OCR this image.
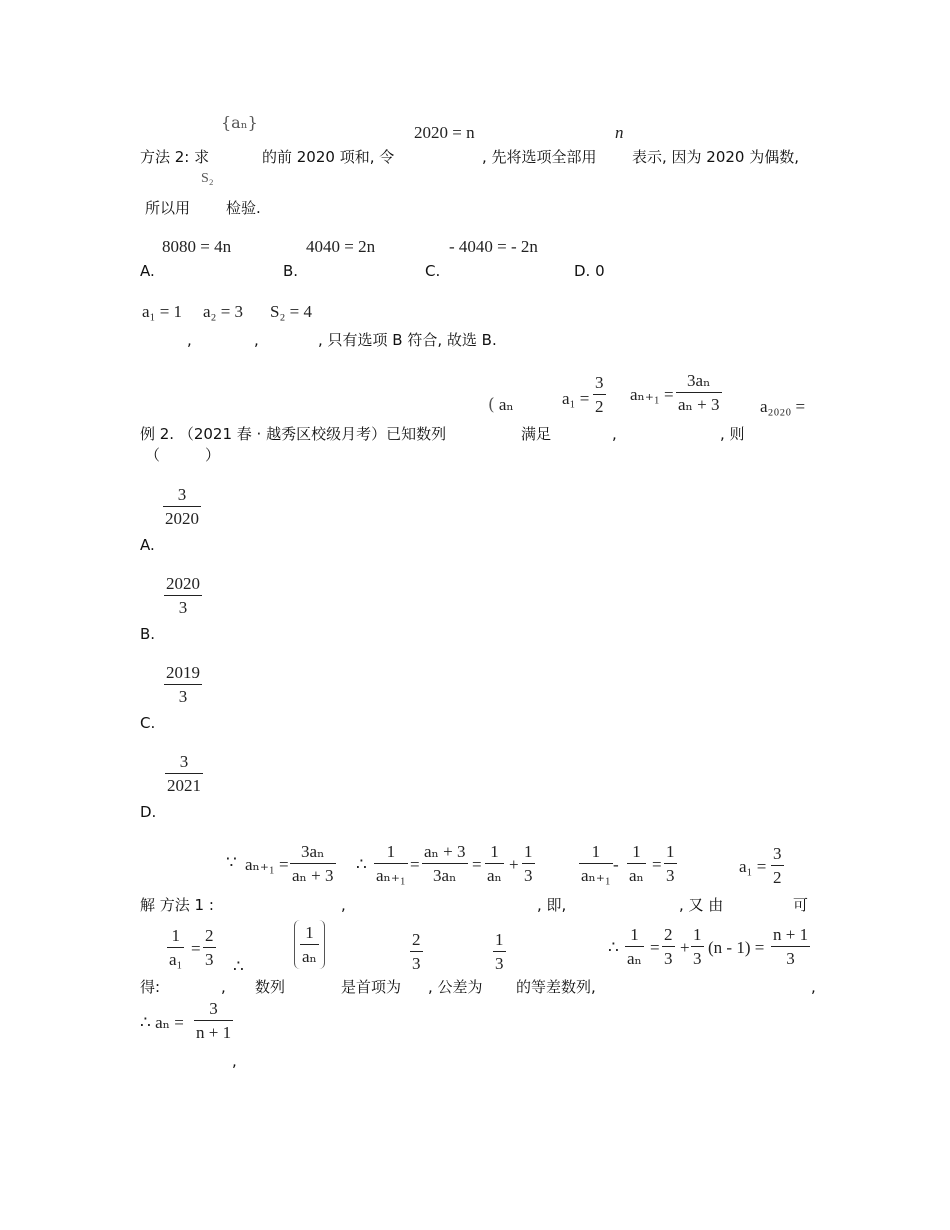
{aₙ}
2020 = n	n
方法 2: 求	的前 2020 项和, 令	, 先将选项全部用 表示, 因为 2020 为偶数,
S₂
所以用 检验.
8080 = 4n	4040 = 2n	- 4040 = - 2n
A.	B.	C.	D. 0
a₁ = 1 a₂ = 3 S₂ = 4
,	,	, 只有选项 B 符合, 故选 B.
( aₙ	$a_1 = \frac{3}{2} a_{n+1} = \frac{\text{3aₙ}}{\text{aₙ + 3}} a_{2020}$ =
例 2. （2021 春 · 越秀区校级月考）已知数列	满足	,	, 则
（　　　）
$\frac{3}{2020}$
A.
$\frac{2020}{3}$
B.
$\frac{2019}{3}$
C.
$\frac{3}{2021}$
D.
∵ $a_{n+1} = \frac{\text{3aₙ}}{\text{aₙ + 3}}$ ∴ $\frac{1}{\text{aₙ₊₁}} = \frac{\text{aₙ + 3}}{\text{3aₙ}} = \frac{1}{\text{aₙ}} + \frac{1}{3}$	$\frac{1}{\text{aₙ₊₁}} - \frac{1}{\text{aₙ}} = \frac{1}{3}$	$a_1 = \frac{3}{2}$
解 方法 1 :	,	, 即,	, 又 由	可
$\frac{1}{\text{a₁}} = \frac{2}{3}$ ∴	$\frac{1}{\text{aₙ}}$	$\frac{2}{3}$	$\frac{1}{3}$	∴ $\frac{1}{\text{aₙ}} = \frac{2}{3} + \frac{1}{3} (n - 1) = \frac{n + 1}{3}$
得:	, 数列	是首项为 , 公差为 的等差数列,	,
∴ $a_n = \frac{3}{n + 1}$
,
